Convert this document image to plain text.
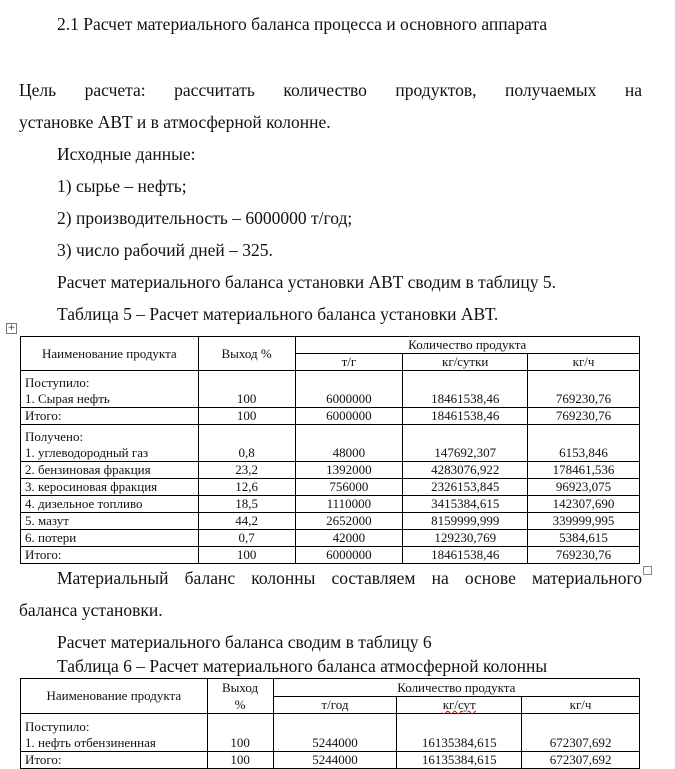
2.1 Расчет материального баланса процесса и основного аппарата
Цель расчета: рассчитать количество продуктов, получаемых на
установке АВТ и в атмосферной колонне.
Исходные данные:
1) сырье – нефть;
2) производительность – 6000000 т/год;
3) число рабочий дней – 325.
Расчет материального баланса установки АВТ сводим в таблицу 5.
Таблица 5 – Расчет материального баланса установки АВТ.
+
Наименование продукта	Выход %	Количество продукта		
		т/г	кг/сутки	кг/ч
Поступило:
1. Сырая нефть	100	6000000	18461538,46	769230,76
Итого:	100	6000000	18461538,46	769230,76
Получено:
1. углеводородный газ	0,8	48000	147692,307	6153,846
2. бензиновая фракция	23,2	1392000	4283076,922	178461,536
3. керосиновая фракция	12,6	756000	2326153,845	96923,075
4. дизельное топливо	18,5	1110000	3415384,615	142307,690
5. мазут	44,2	2652000	8159999,999	339999,995
6. потери	0,7	42000	129230,769	5384,615
Итого:	100	6000000	18461538,46	769230,76
Материальный баланс колонны составляем на основе материального
баланса установки.
Расчет материального баланса сводим в таблицу 6
Таблица 6 – Расчет материального баланса атмосферной колонны
Наименование продукта	Выход %	Количество продукта		
		т/год	кг/сут	кг/ч
Поступило:
1. нефть отбензиненная	100	5244000	16135384,615	672307,692
Итого:	100	5244000	16135384,615	672307,692
